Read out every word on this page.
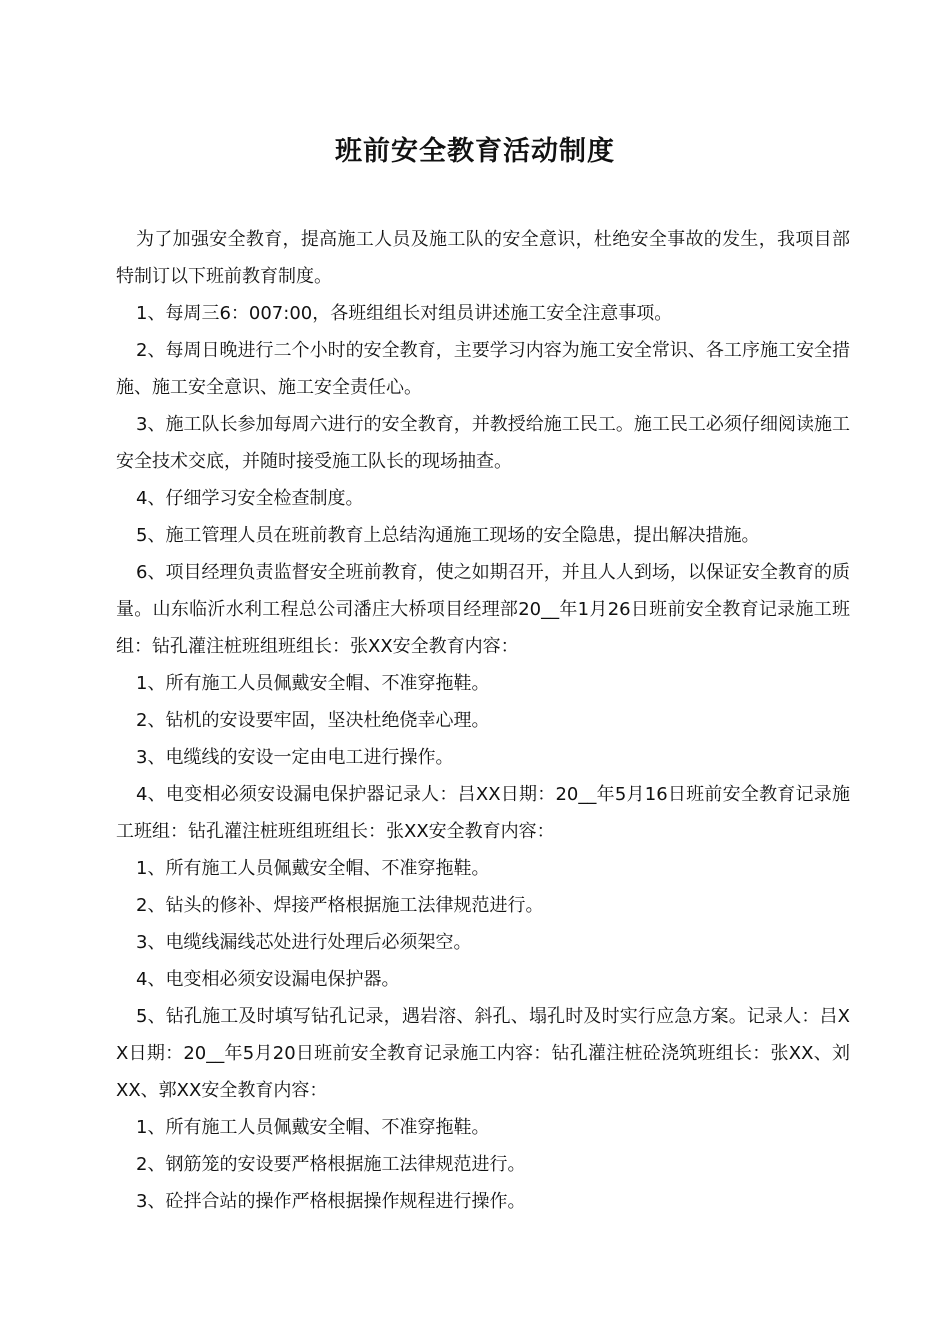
班前安全教育活动制度

为了加强安全教育，提高施工人员及施工队的安全意识，杜绝安全事故的发生，我项目部特制订以下班前教育制度。

1、每周三6：007:00，各班组组长对组员讲述施工安全注意事项。

2、每周日晚进行二个小时的安全教育，主要学习内容为施工安全常识、各工序施工安全措施、施工安全意识、施工安全责任心。

3、施工队长参加每周六进行的安全教育，并教授给施工民工。施工民工必须仔细阅读施工安全技术交底，并随时接受施工队长的现场抽查。

4、仔细学习安全检查制度。

5、施工管理人员在班前教育上总结沟通施工现场的安全隐患，提出解决措施。

6、项目经理负责监督安全班前教育，使之如期召开，并且人人到场，以保证安全教育的质量。山东临沂水利工程总公司潘庄大桥项目经理部20__年1月26日班前安全教育记录施工班组：钻孔灌注桩班组班组长：张XX安全教育内容：

1、所有施工人员佩戴安全帽、不准穿拖鞋。

2、钻机的安设要牢固，坚决杜绝侥幸心理。

3、电缆线的安设一定由电工进行操作。

4、电变相必须安设漏电保护器记录人：吕XX日期：20__年5月16日班前安全教育记录施工班组：钻孔灌注桩班组班组长：张XX安全教育内容：

1、所有施工人员佩戴安全帽、不准穿拖鞋。

2、钻头的修补、焊接严格根据施工法律规范进行。

3、电缆线漏线芯处进行处理后必须架空。

4、电变相必须安设漏电保护器。

5、钻孔施工及时填写钻孔记录，遇岩溶、斜孔、塌孔时及时实行应急方案。记录人：吕XX日期：20__年5月20日班前安全教育记录施工内容：钻孔灌注桩砼浇筑班组长：张XX、刘XX、郭XX安全教育内容：

1、所有施工人员佩戴安全帽、不准穿拖鞋。

2、钢筋笼的安设要严格根据施工法律规范进行。

3、砼拌合站的操作严格根据操作规程进行操作。
